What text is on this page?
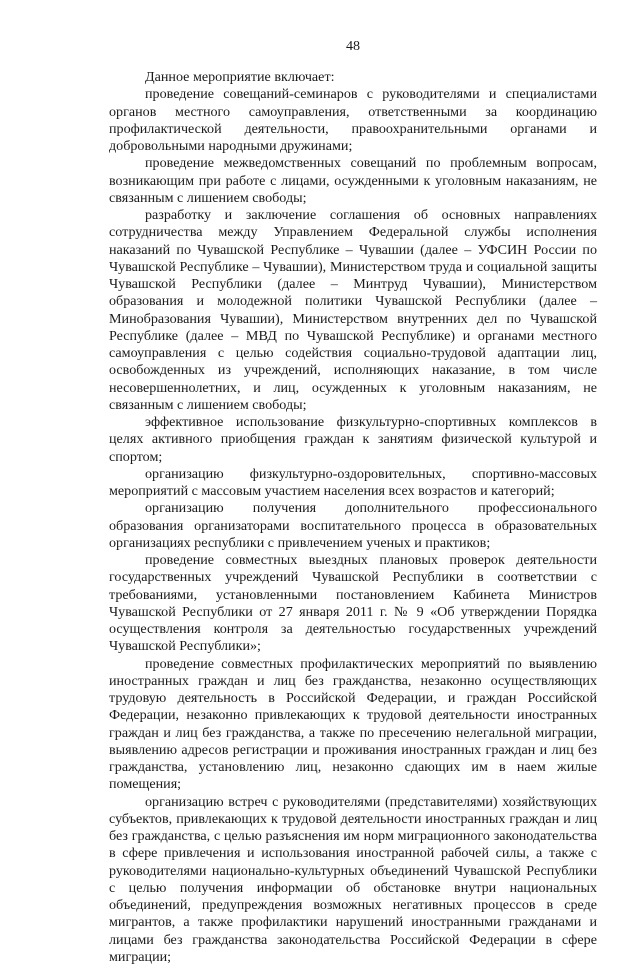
48

Данное мероприятие включает:

проведение совещаний-семинаров с руководителями и специалистами органов местного самоуправления, ответственными за координацию профилактической деятельности, правоохранительными органами и добровольными народными дружинами;

проведение межведомственных совещаний по проблемным вопросам, возникающим при работе с лицами, осужденными к уголовным наказаниям, не связанным с лишением свободы;

разработку и заключение соглашения об основных направлениях сотрудничества между Управлением Федеральной службы исполнения наказаний по Чувашской Республике – Чувашии (далее – УФСИН России по Чувашской Республике – Чувашии), Министерством труда и социальной защиты Чувашской Республики (далее – Минтруд Чувашии), Министерством образования и молодежной политики Чувашской Республики (далее – Минобразования Чувашии), Министерством внутренних дел по Чувашской Республике (далее – МВД по Чувашской Республике) и органами местного самоуправления с целью содействия социально-трудовой адаптации лиц, освобожденных из учреждений, исполняющих наказание, в том числе несовершеннолетних, и лиц, осужденных к уголовным наказаниям, не связанным с лишением свободы;

эффективное использование физкультурно-спортивных комплексов в целях активного приобщения граждан к занятиям физической культурой и спортом;

организацию физкультурно-оздоровительных, спортивно-массовых мероприятий с массовым участием населения всех возрастов и категорий;

организацию получения дополнительного профессионального образования организаторами воспитательного процесса в образовательных организациях республики с привлечением ученых и практиков;

проведение совместных выездных плановых проверок деятельности государственных учреждений Чувашской Республики в соответствии с требованиями, установленными постановлением Кабинета Министров Чувашской Республики от 27 января 2011 г. № 9 «Об утверждении Порядка осуществления контроля за деятельностью государственных учреждений Чувашской Республики»;

проведение совместных профилактических мероприятий по выявлению иностранных граждан и лиц без гражданства, незаконно осуществляющих трудовую деятельность в Российской Федерации, и граждан Российской Федерации, незаконно привлекающих к трудовой деятельности иностранных граждан и лиц без гражданства, а также по пресечению нелегальной миграции, выявлению адресов регистрации и проживания иностранных граждан и лиц без гражданства, установлению лиц, незаконно сдающих им в наем жилые помещения;

организацию встреч с руководителями (представителями) хозяйствующих субъектов, привлекающих к трудовой деятельности иностранных граждан и лиц без гражданства, с целью разъяснения им норм миграционного законодательства в сфере привлечения и использования иностранной рабочей силы, а также с руководителями национально-культурных объединений Чувашской Республики с целью получения информации об обстановке внутри национальных объединений, предупреждения возможных негативных процессов в среде мигрантов, а также профилактики нарушений иностранными гражданами и лицами без гражданства законодательства Российской Федерации в сфере миграции;
